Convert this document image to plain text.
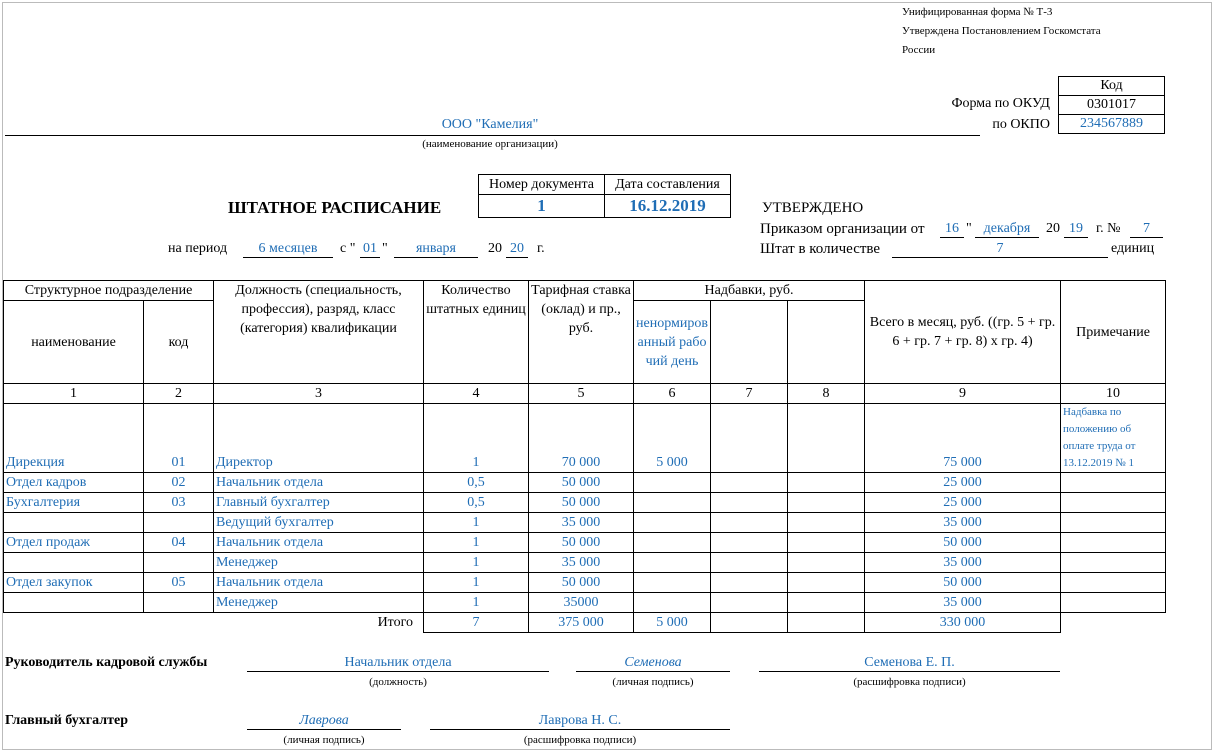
Унифицированная форма № Т-3
Утверждена Постановлением Госкомстата
России
Код
0301017
234567889
Форма по ОКУД
по ОКПО
ООО "Камелия"
(наименование организации)
ШТАТНОЕ РАСПИСАНИЕ
Номер документа	Дата составления
1	16.12.2019
на период	6 месяцев	с " 01 "	января	20 20 г.
УТВЕРЖДЕНО
Приказом организации от	16 " декабря	20 19 г. №	7
Штат в количестве	7	единиц
Структурное подразделение		Должность (специальность, профессия), разряд, класс (категория) квалификации	Количество штатных единиц	Тарифная ставка (оклад) и пр., руб.	Надбавки, руб.			Всего в месяц, руб. ((гр. 5 + гр. 6 + гр. 7 + гр. 8) х гр. 4)	Примечание
наименование	код				ненормированный рабочий день				
1	2	3	4	5	6	7	8	9	10
Дирекция	01	Директор	1	70 000	5 000			75 000	Надбавка по положению об оплате труда от 13.12.2019 № 1
Отдел кадров	02	Начальник отдела	0,5	50 000				25 000	
Бухгалтерия	03	Главный бухгалтер	0,5	50 000				25 000	
		Ведущий бухгалтер	1	35 000				35 000	
Отдел продаж	04	Начальник отдела	1	50 000				50 000	
		Менеджер	1	35 000				35 000	
Отдел закупок	05	Начальник отдела	1	50 000				50 000	
		Менеджер	1	35000				35 000	
		Итого	7	375 000	5 000			330 000	
Руководитель кадровой службы	Начальник отдела
(должность)
Семенова
(личная подпись)
Семенова Е. П.
(расшифровка подписи)
Главный бухгалтер	Лаврова
(личная подпись)
Лаврова Н. С.
(расшифровка подписи)
